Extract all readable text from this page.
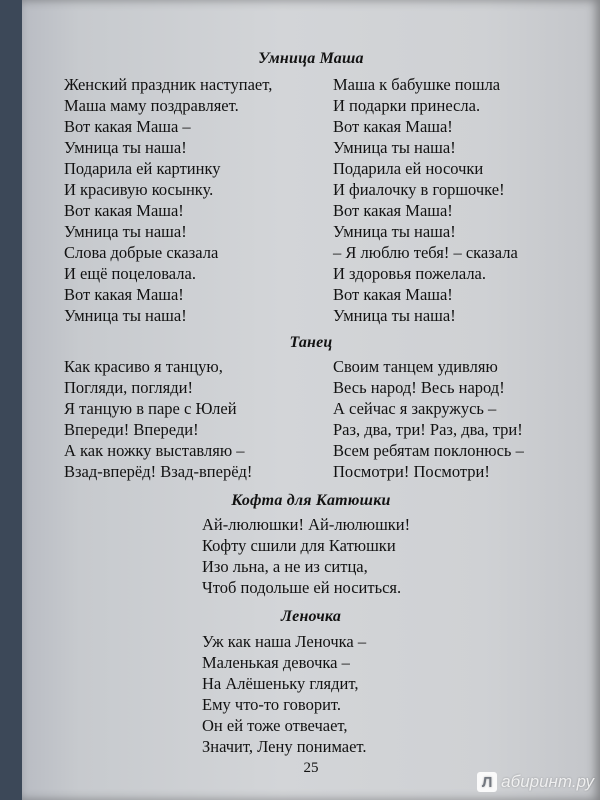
Умница Маша
Женский праздник наступает,
Маша маму поздравляет.
Вот какая Маша –
Умница ты наша!
Подарила ей картинку
И красивую косынку.
Вот какая Маша!
Умница ты наша!
Слова добрые сказала
И ещё поцеловала.
Вот какая Маша!
Умница ты наша!
Маша к бабушке пошла
И подарки принесла.
Вот какая Маша!
Умница ты наша!
Подарила ей носочки
И фиалочку в горшочке!
Вот какая Маша!
Умница ты наша!
– Я люблю тебя! – сказала
И здоровья пожелала.
Вот какая Маша!
Умница ты наша!
Танец
Как красиво я танцую,
Погляди, погляди!
Я танцую в паре с Юлей
Впереди! Впереди!
А как ножку выставляю –
Взад-вперёд! Взад-вперёд!
Своим танцем удивляю
Весь народ! Весь народ!
А сейчас я закружусь –
Раз, два, три! Раз, два, три!
Всем ребятам поклонюсь –
Посмотри! Посмотри!
Кофта для Катюшки
Ай-люлюшки! Ай-люлюшки!
Кофту сшили для Катюшки
Изо льна, а не из ситца,
Чтоб подольше ей носиться.
Леночка
Уж как наша Леночка –
Маленькая девочка –
На Алёшеньку глядит,
Ему что-то говорит.
Он ей тоже отвечает,
Значит, Лену понимает.
25
Л абиринт.ру
